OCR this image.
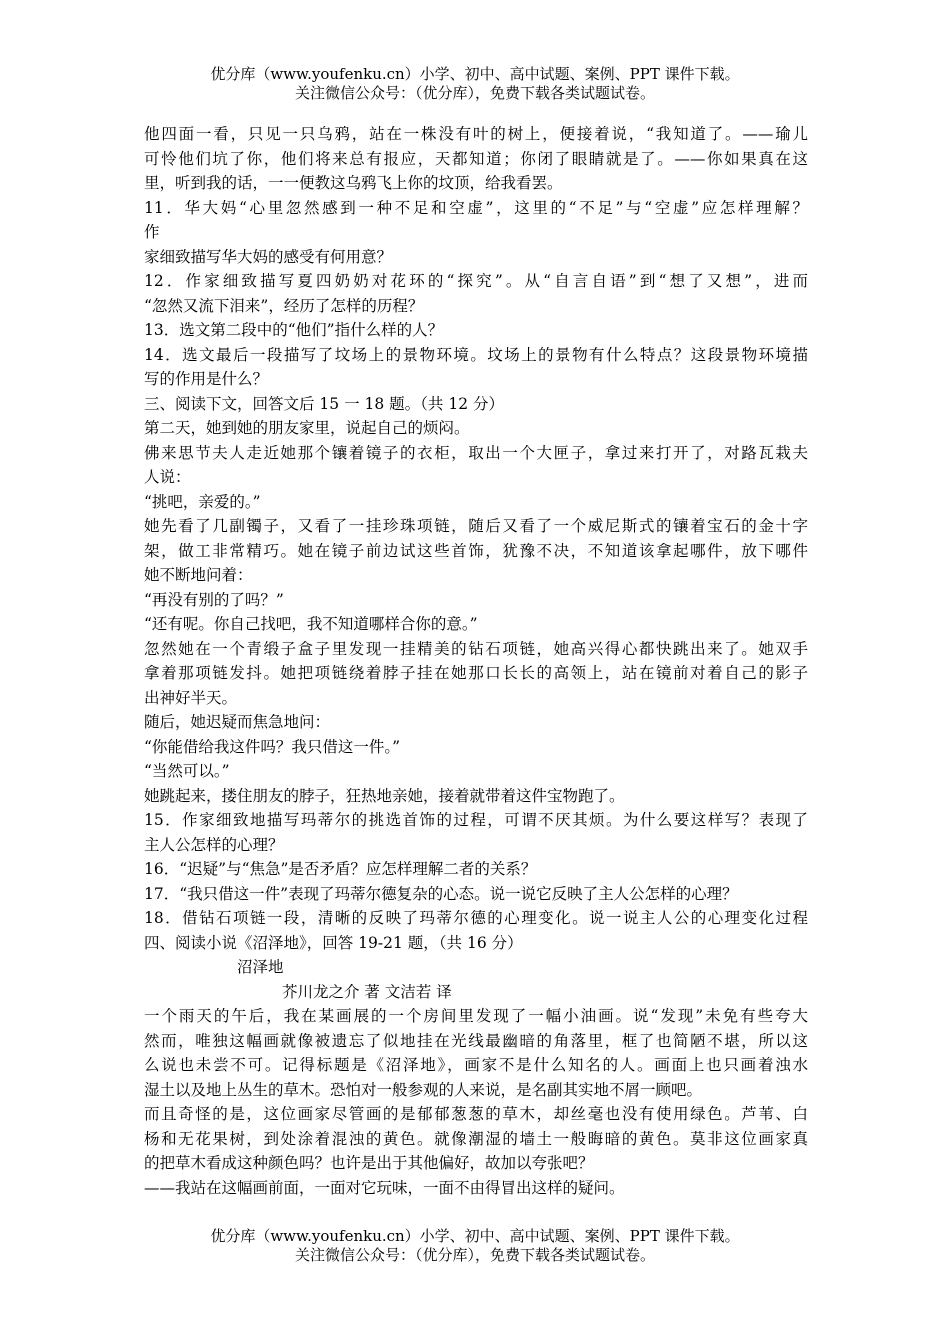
优分库（www.youfenku.cn）小学、初中、高中试题、案例、PPT 课件下载。
关注微信公众号：（优分库），免费下载各类试题试卷。
他四面一看，只见一只乌鸦，站在一株没有叶的树上，便接着说，“我知道了。——瑜儿
可怜他们坑了你，他们将来总有报应，天都知道；你闭了眼睛就是了。——你如果真在这
里，听到我的话，一一便教这乌鸦飞上你的坟顶，给我看罢。
11．华大妈“心里忽然感到一种不足和空虚”，这里的“不足”与“空虚”应怎样理解？
作
家细致描写华大妈的感受有何用意？
12．作家细致描写夏四奶奶对花环的“探究”。从“自言自语”到“想了又想”，进而
“忽然又流下泪来”，经历了怎样的历程？
13．选文第二段中的“他们”指什么样的人？
14．选文最后一段描写了坟场上的景物环境。坟场上的景物有什么特点？这段景物环境描
写的作用是什么？
三、阅读下文，回答文后 15 一 18 题。（共 12 分）
第二天，她到她的朋友家里，说起自己的烦闷。
佛来思节夫人走近她那个镶着镜子的衣柜，取出一个大匣子，拿过来打开了，对路瓦栽夫
人说：
“挑吧，亲爱的。”
她先看了几副镯子，又看了一挂珍珠项链，随后又看了一个威尼斯式的镶着宝石的金十字
架，做工非常精巧。她在镜子前边试这些首饰，犹豫不决，不知道该拿起哪件，放下哪件
她不断地问着：
“再没有别的了吗？”
“还有呢。你自己找吧，我不知道哪样合你的意。”
忽然她在一个青缎子盒子里发现一挂精美的钻石项链，她高兴得心都快跳出来了。她双手
拿着那项链发抖。她把项链绕着脖子挂在她那口长长的高领上，站在镜前对着自己的影子
出神好半天。
随后，她迟疑而焦急地问：
“你能借给我这件吗？我只借这一件。”
“当然可以。”
她跳起来，搂住朋友的脖子，狂热地亲她，接着就带着这件宝物跑了。
15．作家细致地描写玛蒂尔的挑选首饰的过程，可谓不厌其烦。为什么要这样写？表现了
主人公怎样的心理？
16．“迟疑”与“焦急”是否矛盾？应怎样理解二者的关系？
17．“我只借这一件”表现了玛蒂尔德复杂的心态。说一说它反映了主人公怎样的心理？
18．借钻石项链一段，清晰的反映了玛蒂尔德的心理变化。说一说主人公的心理变化过程
四、阅读小说《沼泽地》，回答 19-21 题，（共 16 分）
沼泽地
芥川龙之介 著 文洁若 译
一个雨天的午后，我在某画展的一个房间里发现了一幅小油画。说“发现”未免有些夸大
然而，唯独这幅画就像被遗忘了似地挂在光线最幽暗的角落里，框了也简陋不堪，所以这
么说也未尝不可。记得标题是《沼泽地》，画家不是什么知名的人。画面上也只画着浊水
湿土以及地上丛生的草木。恐怕对一般参观的人来说，是名副其实地不屑一顾吧。
而且奇怪的是，这位画家尽管画的是郁郁葱葱的草木，却丝毫也没有使用绿色。芦苇、白
杨和无花果树，到处涂着混浊的黄色。就像潮湿的墙土一般晦暗的黄色。莫非这位画家真
的把草木看成这种颜色吗？也许是出于其他偏好，故加以夸张吧？
——我站在这幅画前面，一面对它玩味，一面不由得冒出这样的疑问。
优分库（www.youfenku.cn）小学、初中、高中试题、案例、PPT 课件下载。
关注微信公众号：（优分库），免费下载各类试题试卷。
